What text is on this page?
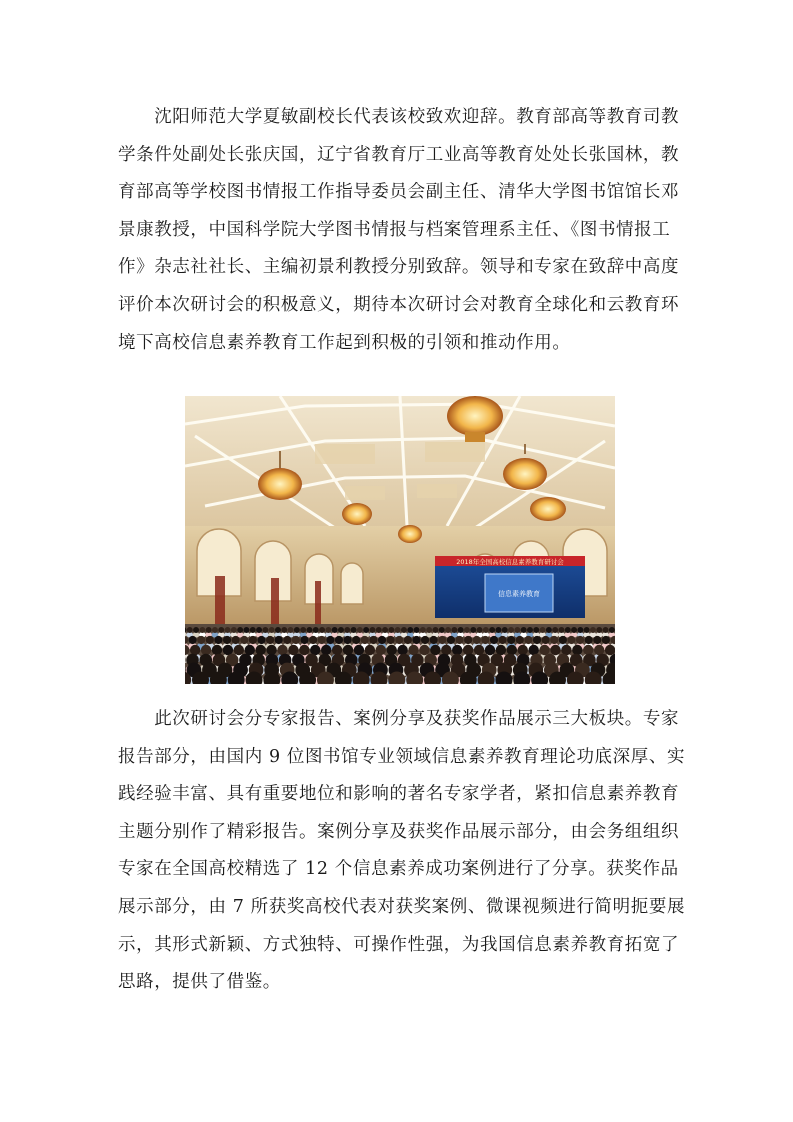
　　沈阳师范大学夏敏副校长代表该校致欢迎辞。教育部高等教育司教
学条件处副处长张庆国，辽宁省教育厅工业高等教育处处长张国林，教
育部高等学校图书情报工作指导委员会副主任、清华大学图书馆馆长邓
景康教授，中国科学院大学图书情报与档案管理系主任、《图书情报工
作》杂志社社长、主编初景利教授分别致辞。领导和专家在致辞中高度
评价本次研讨会的积极意义，期待本次研讨会对教育全球化和云教育环
境下高校信息素养教育工作起到积极的引领和推动作用。
2018年全国高校信息素养教育研讨会
信息素养教育
　　此次研讨会分专家报告、案例分享及获奖作品展示三大板块。专家
报告部分，由国内 9 位图书馆专业领域信息素养教育理论功底深厚、实
践经验丰富、具有重要地位和影响的著名专家学者，紧扣信息素养教育
主题分别作了精彩报告。案例分享及获奖作品展示部分，由会务组组织
专家在全国高校精选了 12 个信息素养成功案例进行了分享。获奖作品
展示部分，由 7 所获奖高校代表对获奖案例、微课视频进行简明扼要展
示，其形式新颖、方式独特、可操作性强，为我国信息素养教育拓宽了
思路，提供了借鉴。
